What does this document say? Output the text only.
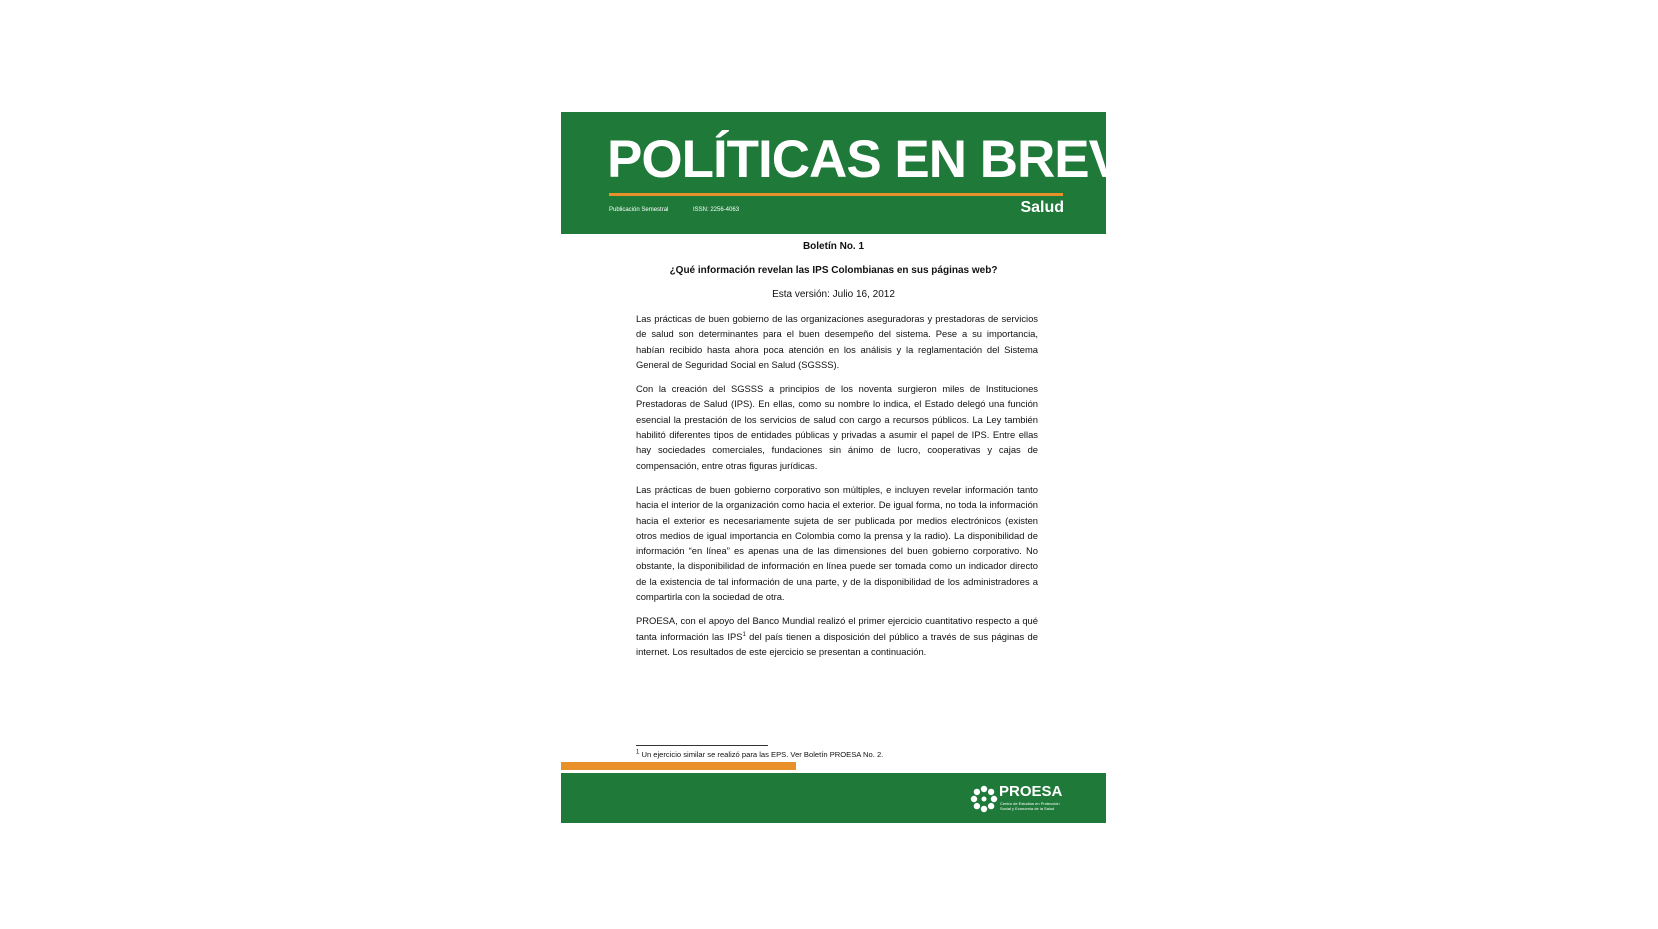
POLÍTICAS EN BREVE
Publicación Semestral	ISSN: 2256-4063	Salud
Boletín No. 1
¿Qué información revelan las IPS Colombianas en sus páginas web?
Esta versión: Julio 16, 2012

Las prácticas de buen gobierno de las organizaciones aseguradoras y prestadoras de servicios de salud son determinantes para el buen desempeño del sistema. Pese a su importancia, habían recibido hasta ahora poca atención en los análisis y la reglamentación del Sistema General de Seguridad Social en Salud (SGSSS).

Con la creación del SGSSS a principios de los noventa surgieron miles de Instituciones Prestadoras de Salud (IPS). En ellas, como su nombre lo indica, el Estado delegó una función esencial la prestación de los servicios de salud con cargo a recursos públicos. La Ley también habilitó diferentes tipos de entidades públicas y privadas a asumir el papel de IPS. Entre ellas hay sociedades comerciales, fundaciones sin ánimo de lucro, cooperativas y cajas de compensación, entre otras figuras jurídicas.

Las prácticas de buen gobierno corporativo son múltiples, e incluyen revelar información tanto hacia el interior de la organización como hacia el exterior. De igual forma, no toda la información hacia el exterior es necesariamente sujeta de ser publicada por medios electrónicos (existen otros medios de igual importancia en Colombia como la prensa y la radio). La disponibilidad de información “en línea” es apenas una de las dimensiones del buen gobierno corporativo. No obstante, la disponibilidad de información en línea puede ser tomada como un indicador directo de la existencia de tal información de una parte, y de la disponibilidad de los administradores a compartirla con la sociedad de otra.

PROESA, con el apoyo del Banco Mundial realizó el primer ejercicio cuantitativo respecto a qué tanta información las IPS$^1$ del país tienen a disposición del público a través de sus páginas de internet. Los resultados de este ejercicio se presentan a continuación.

$^1$ Un ejercicio similar se realizó para las EPS. Ver Boletín PROESA No. 2.
PROESA
Centro de Estudios en Protección Social y Economía de la Salud
